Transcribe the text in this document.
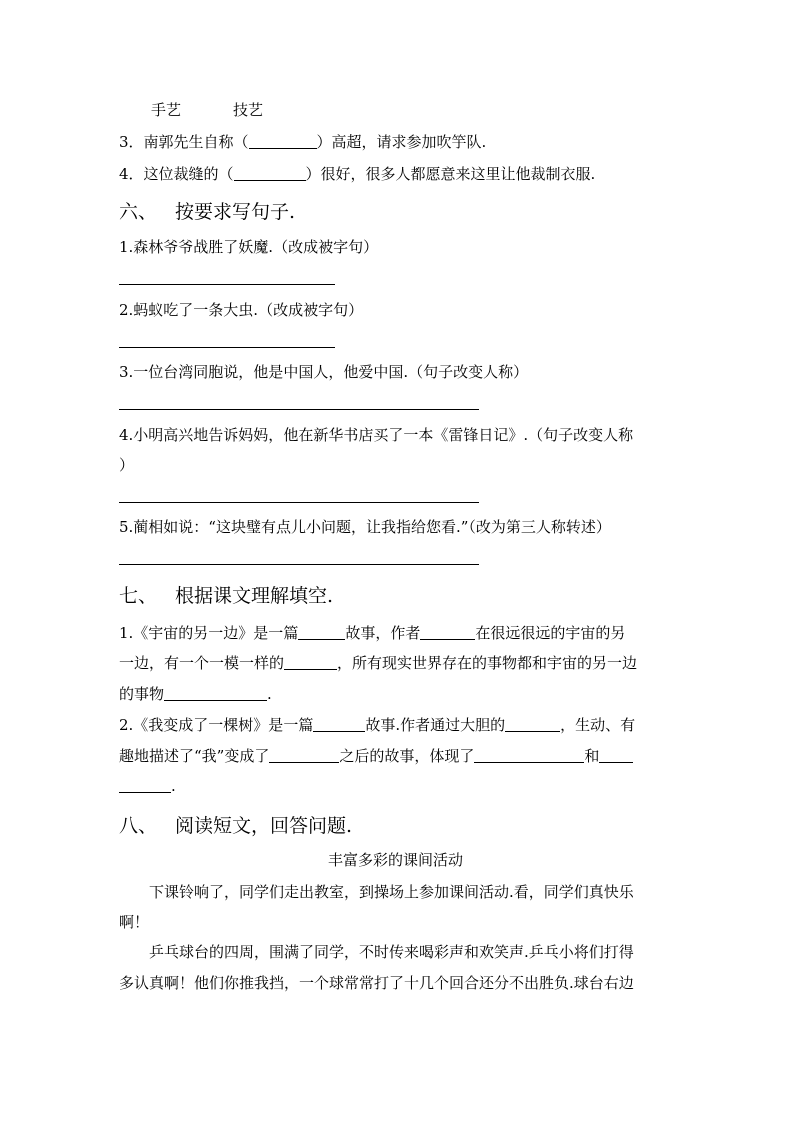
手艺	技艺
3．南郭先生自称（	）高超，请求参加吹竽队.
4．这位裁缝的（	）很好，很多人都愿意来这里让他裁制衣服.
六、 按要求写句子.
1.森林爷爷战胜了妖魔.（改成被字句）
2.蚂蚁吃了一条大虫.（改成被字句）
3.一位台湾同胞说，他是中国人，他爱中国.（句子改变人称）
4.小明高兴地告诉妈妈，他在新华书店买了一本《雷锋日记》.（句子改变人称
）
5.蔺相如说：“这块璧有点儿小问题，让我指给您看.”（改为第三人称转述）
七、 根据课文理解填空.
1.《宇宙的另一边》是一篇	故事，作者	在很远很远的宇宙的另
一边，有一个一模一样的	，所有现实世界存在的事物都和宇宙的另一边
的事物	.
2.《我变成了一棵树》是一篇	故事.作者通过大胆的	，生动、有
趣地描述了“我”变成了	之后的故事，体现了	和
.
八、 阅读短文，回答问题.
丰富多彩的课间活动
下课铃响了，同学们走出教室，到操场上参加课间活动.看，同学们真快乐
啊！
乒乓球台的四周，围满了同学，不时传来喝彩声和欢笑声.乒乓小将们打得
多认真啊！他们你推我挡，一个球常常打了十几个回合还分不出胜负.球台右边
